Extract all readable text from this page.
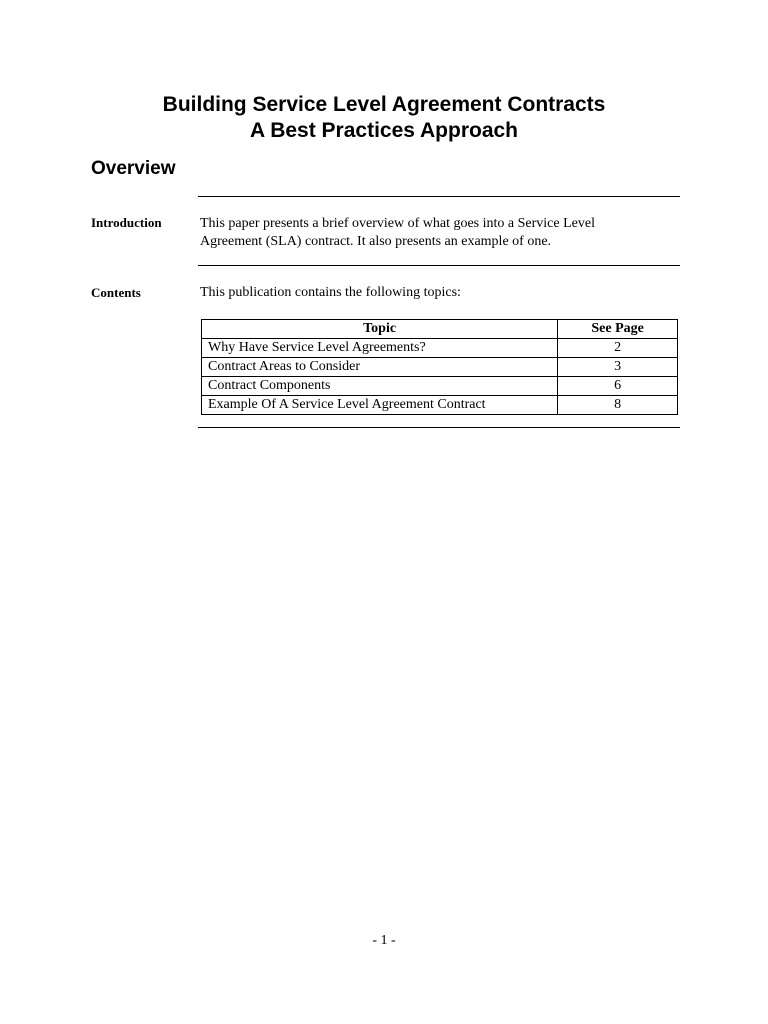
Building Service Level Agreement Contracts
A Best Practices Approach
Overview
Introduction	This paper presents a brief overview of what goes into a Service Level
Agreement (SLA) contract. It also presents an example of one.
Contents	This publication contains the following topics:
Topic	See Page
Why Have Service Level Agreements?	2
Contract Areas to Consider	3
Contract Components	6
Example Of A Service Level Agreement Contract	8
- 1 -
